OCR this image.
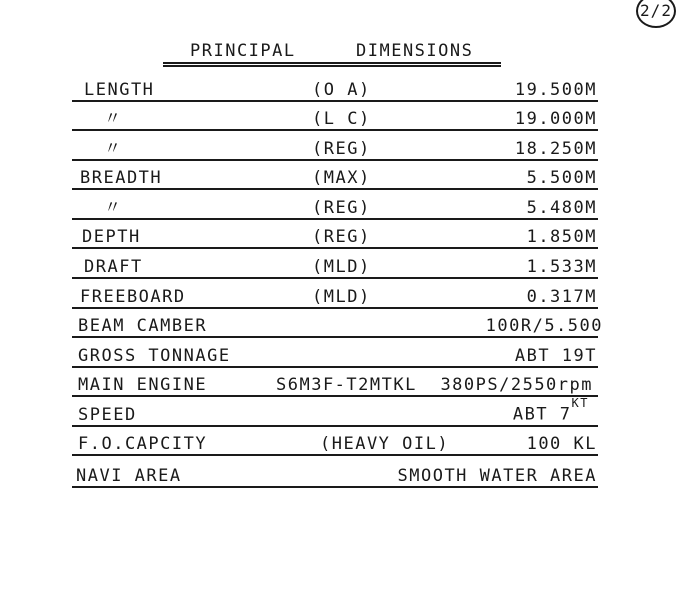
2/2
PRINCIPAL	DIMENSIONS
LENGTH	(O A)	19.500M
〃	(L C)	19.000M
〃	(REG)	18.250M
BREADTH	(MAX)	5.500M
〃	(REG)	5.480M
DEPTH	(REG)	1.850M
DRAFT	(MLD)	1.533M
FREEBOARD	(MLD)	0.317M
BEAM CAMBER	100R/5.500
GROSS TONNAGE	ABT 19T
MAIN ENGINE	S6M3F-T2MTKL 380PS/2550rpm
SPEED	ABT $7^{KT}$
F.O.CAPCITY	(HEAVY OIL)	100 KL
NAVI AREA	SMOOTH WATER AREA
